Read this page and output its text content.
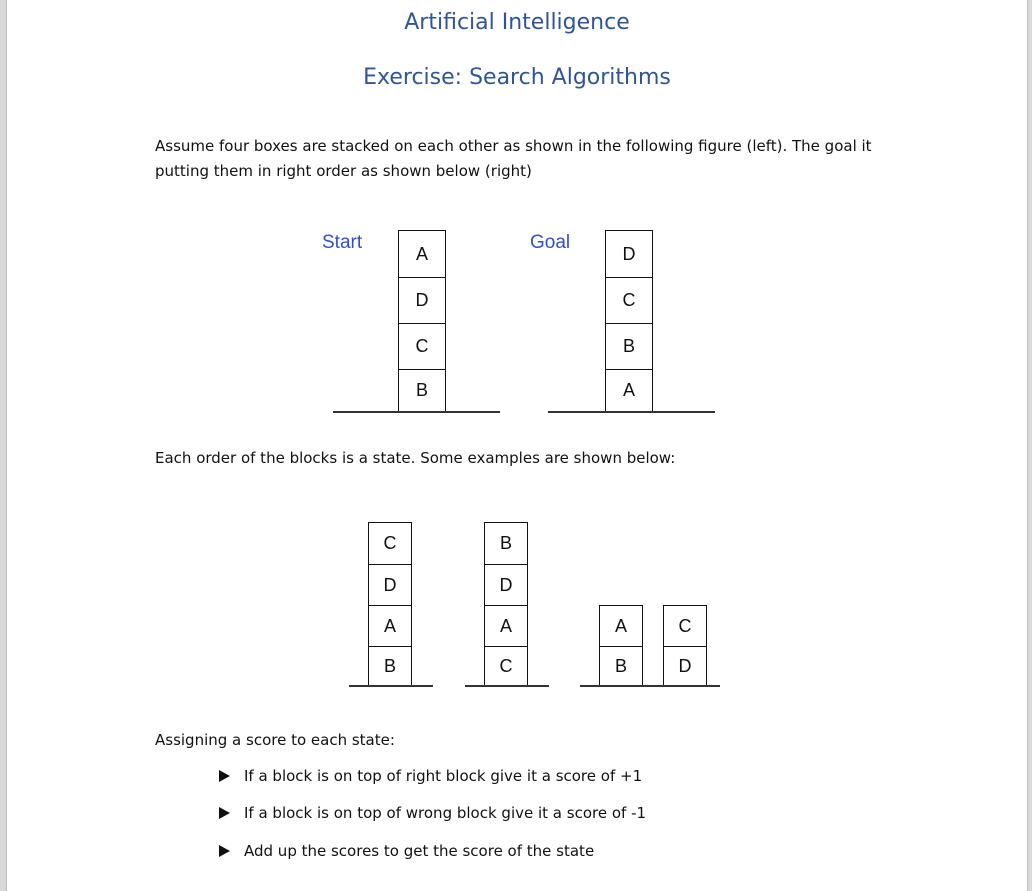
Artificial Intelligence
Exercise: Search Algorithms
Assume four boxes are stacked on each other as shown in the following figure (left). The goal it putting them in right order as shown below (right)
Start	Goal
A
D
C
B
D
C
B
A
Each order of the blocks is a state. Some examples are shown below:
C
D
A
B
B
D
A
C
A
B
C
D
Assigning a score to each state:
If a block is on top of right block give it a score of +1
If a block is on top of wrong block give it a score of -1
Add up the scores to get the score of the state
